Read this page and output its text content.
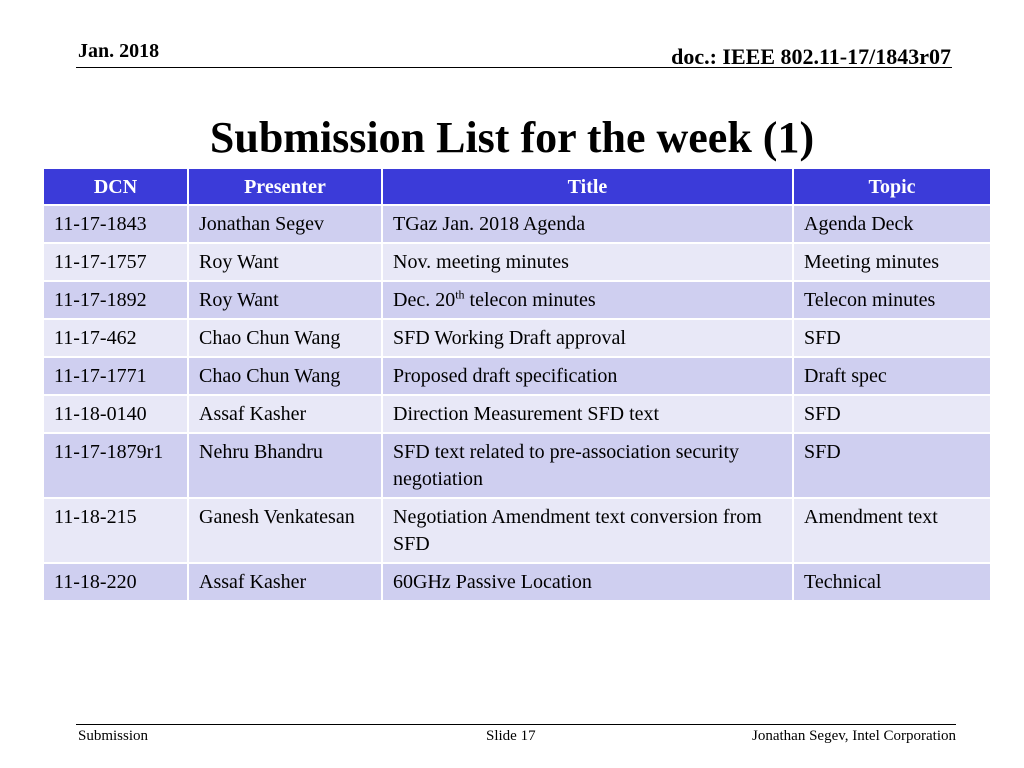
Jan. 2018	doc.: IEEE 802.11-17/1843r07
Submission List for the week (1)
DCN	Presenter	Title	Topic
11-17-1843	Jonathan Segev	TGaz Jan. 2018 Agenda	Agenda Deck
11-17-1757	Roy Want	Nov. meeting minutes	Meeting minutes
11-17-1892	Roy Want	Dec. 20th telecon minutes	Telecon minutes
11-17-462	Chao Chun Wang	SFD Working Draft approval	SFD
11-17-1771	Chao Chun Wang	Proposed draft specification	Draft spec
11-18-0140	Assaf Kasher	Direction Measurement SFD text	SFD
11-17-1879r1	Nehru Bhandru	SFD text related to pre-association security negotiation	SFD
11-18-215	Ganesh Venkatesan	Negotiation Amendment text conversion from SFD	Amendment text
11-18-220	Assaf Kasher	60GHz Passive Location	Technical
Submission	Slide 17	Jonathan Segev, Intel Corporation
